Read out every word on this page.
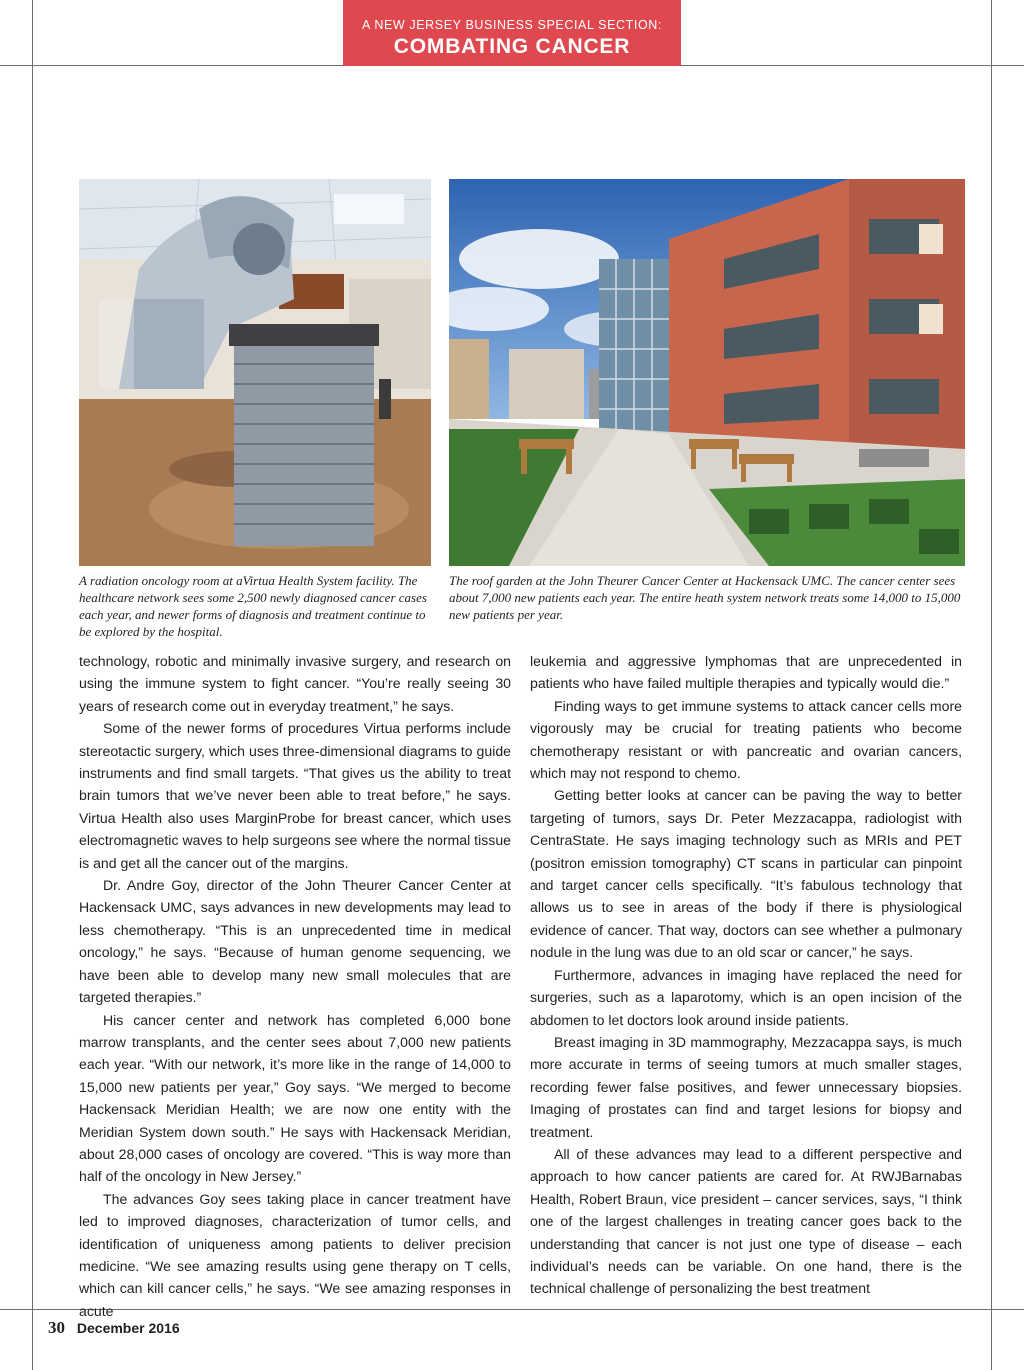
A NEW JERSEY BUSINESS SPECIAL SECTION:
COMBATING CANCER
A radiation oncology room at aVirtua Health System facility. The healthcare network sees some 2,500 newly diagnosed cancer cases each year, and newer forms of diagnosis and treatment continue to be explored by the hospital.
The roof garden at the John Theurer Cancer Center at Hackensack UMC. The cancer center sees about 7,000 new patients each year. The entire heath system network treats some 14,000 to 15,000 new patients per year.

technology, robotic and minimally invasive surgery, and research on using the immune system to fight cancer. “You’re really seeing 30 years of research come out in everyday treatment,” he says.

Some of the newer forms of procedures Virtua performs include stereotactic surgery, which uses three-dimensional diagrams to guide instruments and find small targets. “That gives us the ability to treat brain tumors that we’ve never been able to treat before,” he says. Virtua Health also uses MarginProbe for breast cancer, which uses electromagnetic waves to help surgeons see where the normal tissue is and get all the cancer out of the margins.

Dr. Andre Goy, director of the John Theurer Cancer Center at Hackensack UMC, says advances in new developments may lead to less chemotherapy. “This is an unprecedented time in medical oncology,” he says. “Because of human genome sequencing, we have been able to develop many new small molecules that are targeted therapies.”

His cancer center and network has completed 6,000 bone marrow transplants, and the center sees about 7,000 new patients each year. “With our network, it’s more like in the range of 14,000 to 15,000 new patients per year,” Goy says. “We merged to become Hackensack Meridian Health; we are now one entity with the Meridian System down south.” He says with Hackensack Meridian, about 28,000 cases of oncology are covered. “This is way more than half of the oncology in New Jersey.”

The advances Goy sees taking place in cancer treatment have led to improved diagnoses, characterization of tumor cells, and identification of uniqueness among patients to deliver precision medicine. “We see amazing results using gene therapy on T cells, which can kill cancer cells,” he says. “We see amazing responses in acute

leukemia and aggressive lymphomas that are unprecedented in patients who have failed multiple therapies and typically would die.”

Finding ways to get immune systems to attack cancer cells more vigorously may be crucial for treating patients who become chemotherapy resistant or with pancreatic and ovarian cancers, which may not respond to chemo.

Getting better looks at cancer can be paving the way to better targeting of tumors, says Dr. Peter Mezzacappa, radiologist with CentraState. He says imaging technology such as MRIs and PET (positron emission tomography) CT scans in particular can pinpoint and target cancer cells specifically. “It’s fabulous technology that allows us to see in areas of the body if there is physiological evidence of cancer. That way, doctors can see whether a pulmonary nodule in the lung was due to an old scar or cancer,” he says.

Furthermore, advances in imaging have replaced the need for surgeries, such as a laparotomy, which is an open incision of the abdomen to let doctors look around inside patients.

Breast imaging in 3D mammography, Mezzacappa says, is much more accurate in terms of seeing tumors at much smaller stages, recording fewer false positives, and fewer unnecessary biopsies. Imaging of prostates can find and target lesions for biopsy and treatment.

All of these advances may lead to a different perspective and approach to how cancer patients are cared for. At RWJBarnabas Health, Robert Braun, vice president – cancer services, says, “I think one of the largest challenges in treating cancer goes back to the understanding that cancer is not just one type of disease – each individual’s needs can be variable. On one hand, there is the technical challenge of personalizing the best treatment

30 December 2016
